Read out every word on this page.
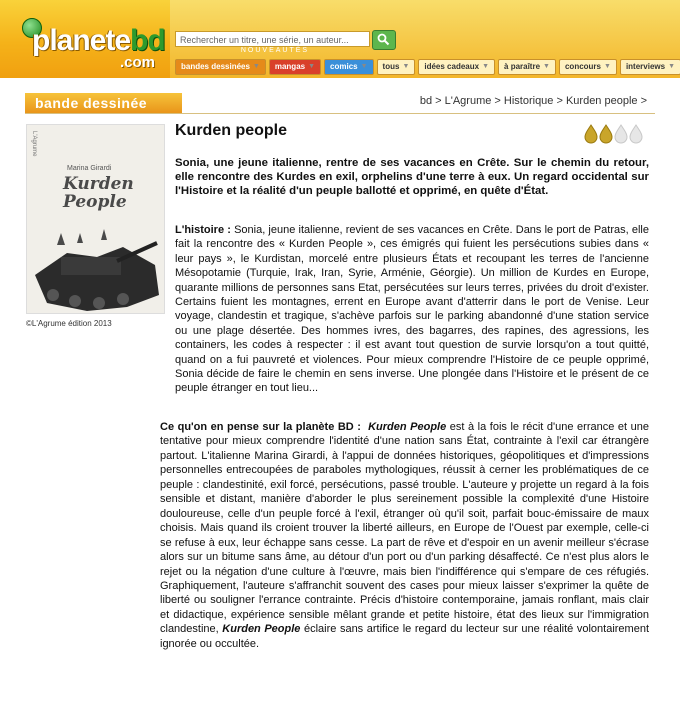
planetebd
.com
Rechercher un titre, une série, un auteur...
NOUVEAUTÉS
bandes dessinées ▼ mangas ▼ comics ▼ tous ▼ idées cadeaux ▼ à paraître ▼ concours ▼ interviews ▼
bande dessinée	bd > L'Agrume > Historique > Kurden people >
L'Agrume
Marina Girardi
Kurden
People
©L'Agrume édition 2013
Kurden people
Sonia, une jeune italienne, rentre de ses vacances en Crête. Sur le chemin du retour, elle rencontre des Kurdes en exil, orphelins d'une terre à eux. Un regard occidental sur l'Histoire et la réalité d'un peuple ballotté et opprimé, en quête d'État.
L'histoire : Sonia, jeune italienne, revient de ses vacances en Crête. Dans le port de Patras, elle fait la rencontre des « Kurden People », ces émigrés qui fuient les persécutions subies dans « leur pays », le Kurdistan, morcelé entre plusieurs États et recoupant les terres de l'ancienne Mésopotamie (Turquie, Irak, Iran, Syrie, Arménie, Géorgie). Un million de Kurdes en Europe, quarante millions de personnes sans Etat, persécutées sur leurs terres, privées du droit d'exister. Certains fuient les montagnes, errent en Europe avant d'atterrir dans le port de Venise. Leur voyage, clandestin et tragique, s'achève parfois sur le parking abandonné d'une station service ou une plage désertée. Des hommes ivres, des bagarres, des rapines, des agressions, les containers, les codes à respecter : il est avant tout question de survie lorsqu'on a tout quitté, quand on a fui pauvreté et violences. Pour mieux comprendre l'Histoire de ce peuple opprimé, Sonia décide de faire le chemin en sens inverse. Une plongée dans l'Histoire et le présent de ce peuple étranger en tout lieu...
Ce qu'on en pense sur la planète BD : Kurden People est à la fois le récit d'une errance et une tentative pour mieux comprendre l'identité d'une nation sans État, contrainte à l'exil car étrangère partout. L'italienne Marina Girardi, à l'appui de données historiques, géopolitiques et d'impressions personnelles entrecoupées de paraboles mythologiques, réussit à cerner les problématiques de ce peuple : clandestinité, exil forcé, persécutions, passé trouble. L'auteure y projette un regard à la fois sensible et distant, manière d'aborder le plus sereinement possible la complexité d'une Histoire douloureuse, celle d'un peuple forcé à l'exil, étranger où qu'il soit, parfait bouc-émissaire de maux choisis. Mais quand ils croient trouver la liberté ailleurs, en Europe de l'Ouest par exemple, celle-ci se refuse à eux, leur échappe sans cesse. La part de rêve et d'espoir en un avenir meilleur s'écrase alors sur un bitume sans âme, au détour d'un port ou d'un parking désaffecté. Ce n'est plus alors le rejet ou la négation d'une culture à l'œuvre, mais bien l'indifférence qui s'empare de ces réfugiés. Graphiquement, l'auteure s'affranchit souvent des cases pour mieux laisser s'exprimer la quête de liberté ou souligner l'errance contrainte. Précis d'histoire contemporaine, jamais ronflant, mais clair et didactique, expérience sensible mêlant grande et petite histoire, état des lieux sur l'immigration clandestine, Kurden People éclaire sans artifice le regard du lecteur sur une réalité volontairement ignorée ou occultée.
